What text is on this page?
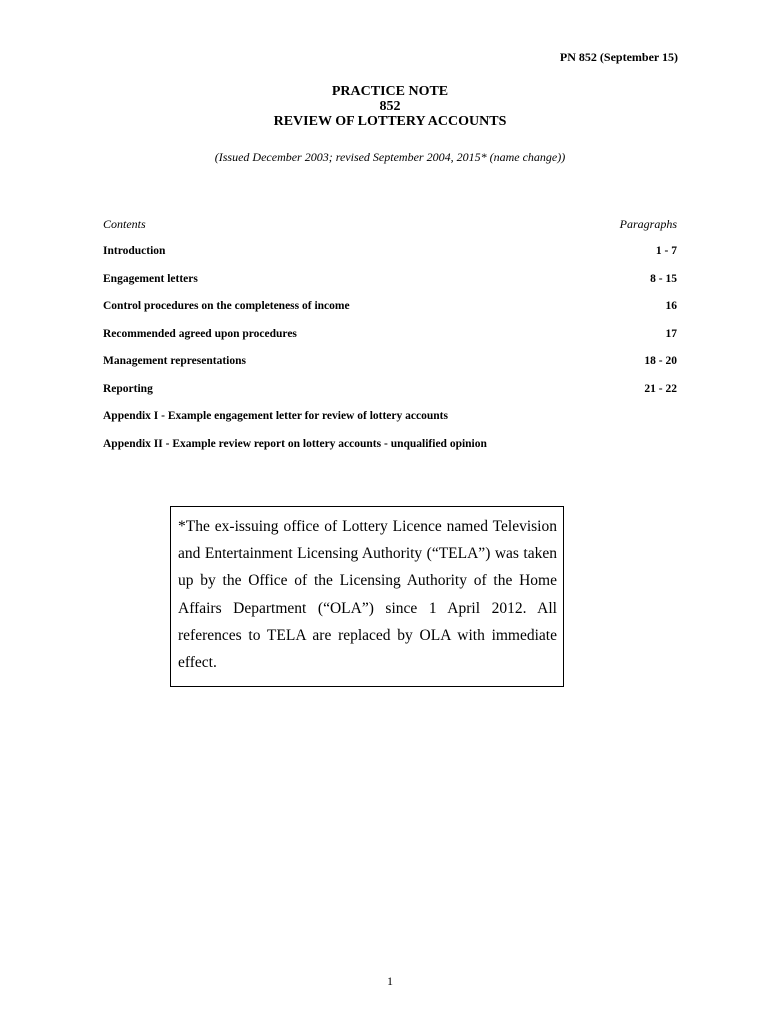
PN 852 (September 15)
PRACTICE NOTE
852
REVIEW OF LOTTERY ACCOUNTS
(Issued December 2003; revised September 2004, 2015* (name change))
Contents	Paragraphs
Introduction	1 - 7
Engagement letters	8 - 15
Control procedures on the completeness of income	16
Recommended agreed upon procedures	17
Management representations	18 - 20
Reporting	21 - 22
Appendix I - Example engagement letter for review of lottery accounts
Appendix II - Example review report on lottery accounts - unqualified opinion
*The ex-issuing office of Lottery Licence named Television and Entertainment Licensing Authority (“TELA”) was taken up by the Office of the Licensing Authority of the Home Affairs Department (“OLA”) since 1 April 2012. All references to TELA are replaced by OLA with immediate effect.
1
